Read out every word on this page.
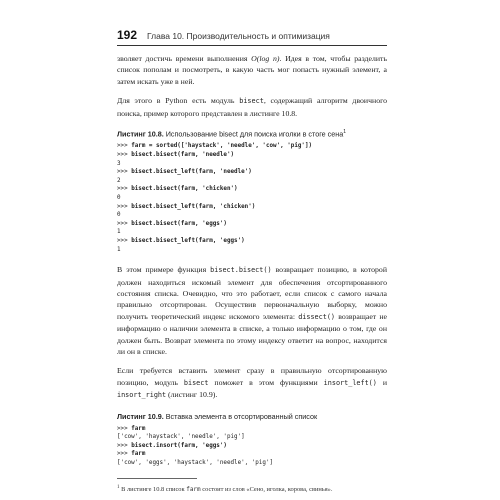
192 Глава 10. Производительность и оптимизация

зволяет достичь времени выполнения O(log n). Идея в том, чтобы разделить список пополам и посмотреть, в какую часть мог попасть нужный элемент, а затем искать уже в ней.

Для этого в Python есть модуль bisect, содержащий алгоритм двоичного поиска, пример которого представлен в листинге 10.8.

Листинг 10.8. Использование bisect для поиска иголки в стоге сена$^1$
>>> farm = sorted(['haystack', 'needle', 'cow', 'pig'])
>>> bisect.bisect(farm, 'needle')
3
>>> bisect.bisect_left(farm, 'needle')
2
>>> bisect.bisect(farm, 'chicken')
0
>>> bisect.bisect_left(farm, 'chicken')
0
>>> bisect.bisect(farm, 'eggs')
1
>>> bisect.bisect_left(farm, 'eggs')
1

В этом примере функция bisect.bisect() возвращает позицию, в которой должен находиться искомый элемент для обеспечения отсортированного состояния списка. Очевидно, что это работает, если список с самого начала правильно отсортирован. Осуществив первоначальную выборку, можно получить теоретический индекс искомого элемента: dissect() возвращает не информацию о наличии элемента в списке, а только информацию о том, где он должен быть. Возврат элемента по этому индексу ответит на вопрос, находится ли он в списке.

Если требуется вставить элемент сразу в правильную отсортированную позицию, модуль bisect поможет в этом функциями insort_left() и insort_right (листинг 10.9).

Листинг 10.9. Вставка элемента в отсортированный список
>>> farm
['cow', 'haystack', 'needle', 'pig']
>>> bisect.insort(farm, 'eggs')
>>> farm
['cow', 'eggs', 'haystack', 'needle', 'pig']
$^1$ В листинге 10.8 список farm состоит из слов «Сено, иголка, корова, свинья».
